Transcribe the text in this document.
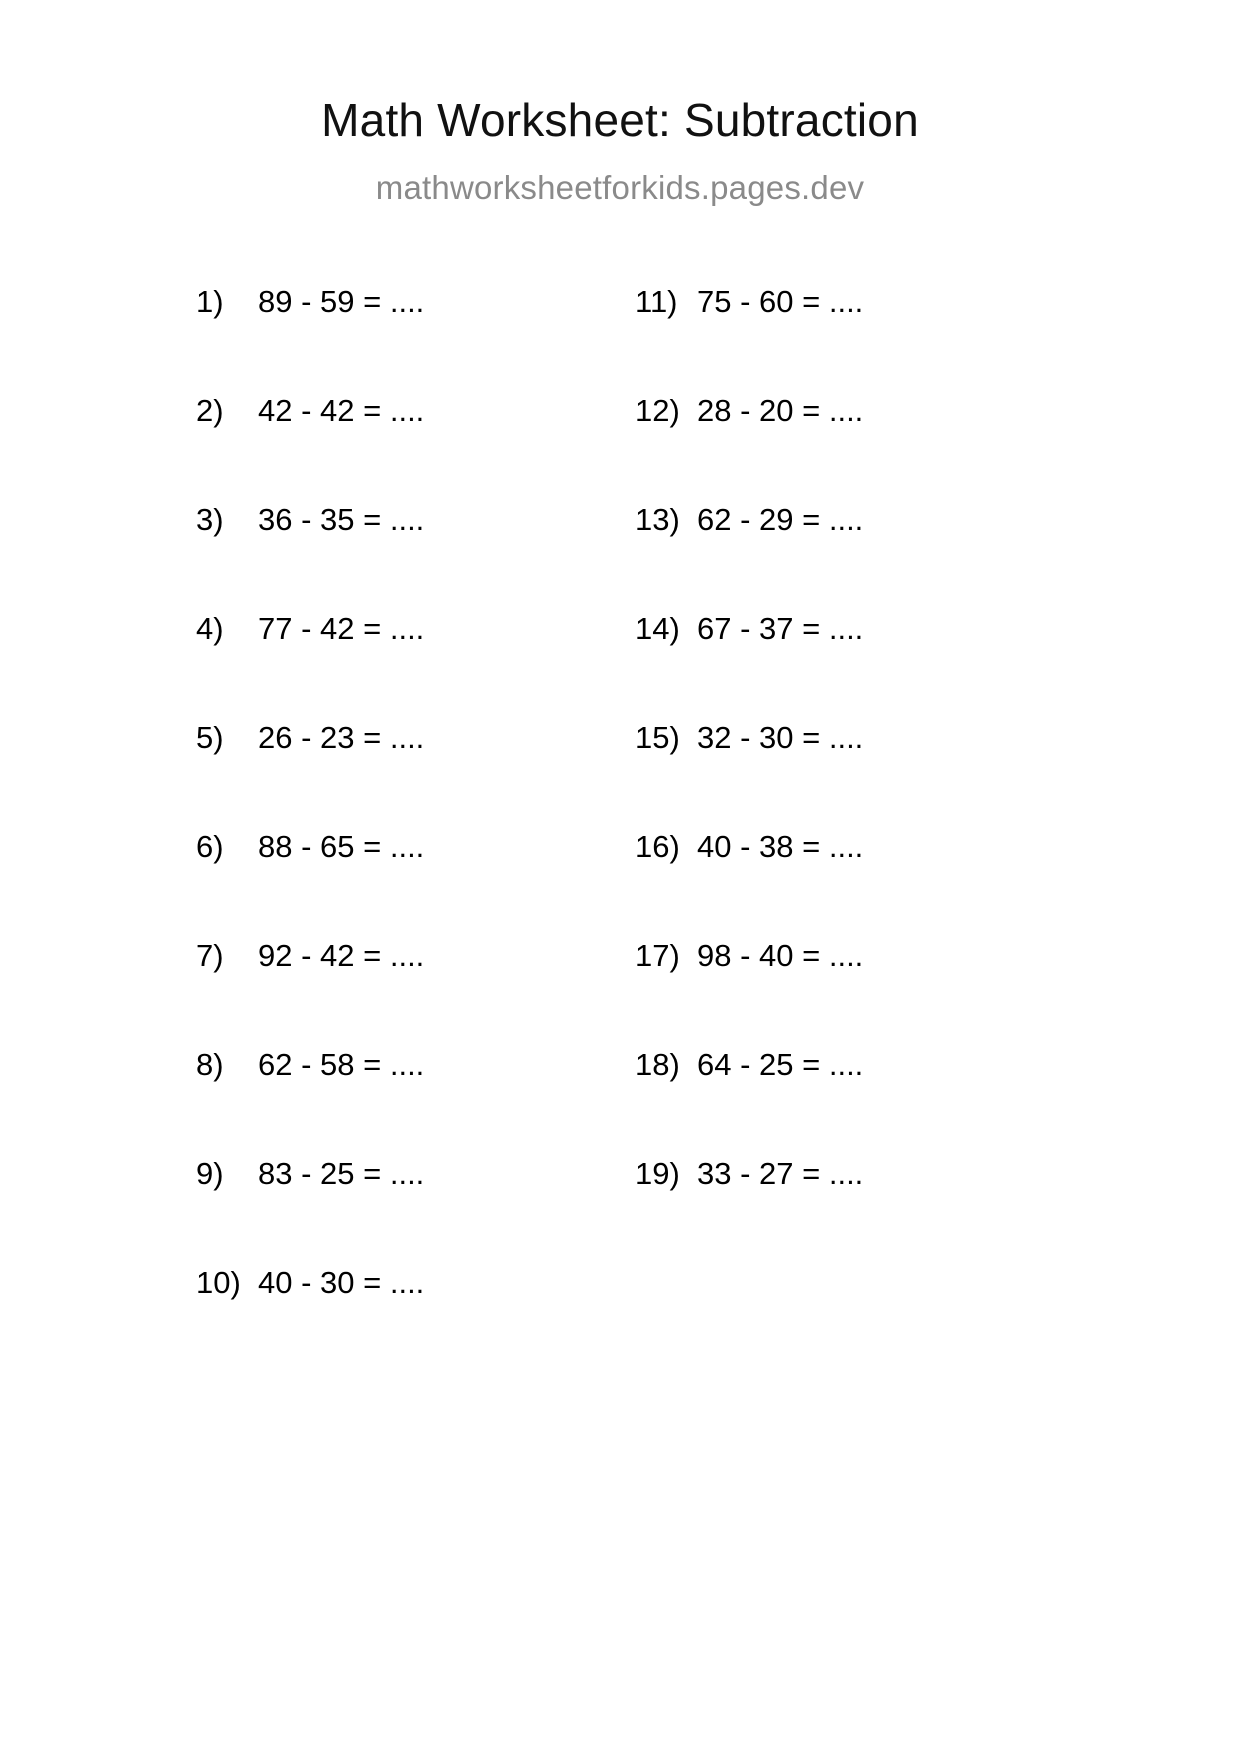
Math Worksheet: Subtraction
mathworksheetforkids.pages.dev
1)	89 - 59 = ....
2)	42 - 42 = ....
3)	36 - 35 = ....
4)	77 - 42 = ....
5)	26 - 23 = ....
6)	88 - 65 = ....
7)	92 - 42 = ....
8)	62 - 58 = ....
9)	83 - 25 = ....
10) 40 - 30 = ....
11) 75 - 60 = ....
12) 28 - 20 = ....
13) 62 - 29 = ....
14) 67 - 37 = ....
15) 32 - 30 = ....
16) 40 - 38 = ....
17) 98 - 40 = ....
18) 64 - 25 = ....
19) 33 - 27 = ....
